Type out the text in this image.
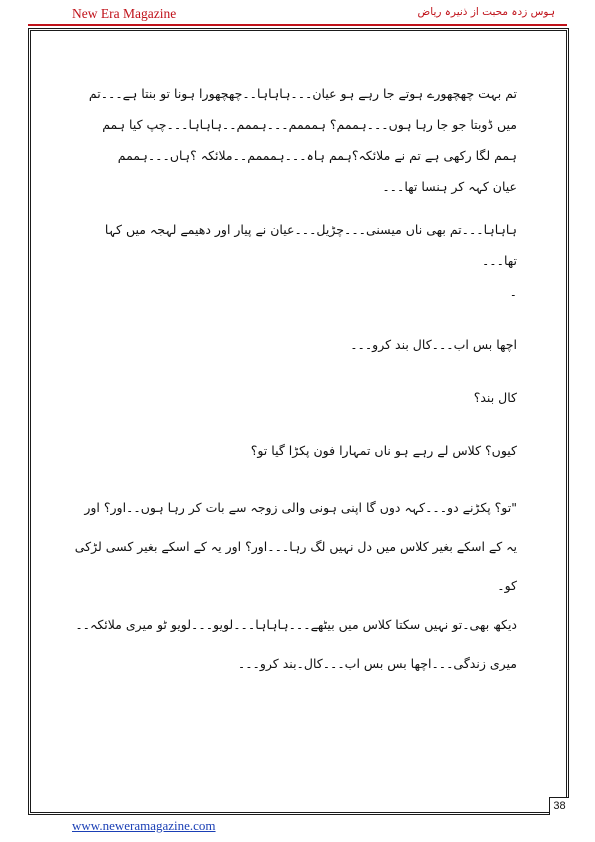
New Era Magazine	ہوس زدہ محبت از ذنیرہ ریاض

تم بہت چھچھورے ہوتے جا رہے ہو عیان۔۔۔ہاہاہا۔۔چھچھورا ہونا تو بنتا ہے۔۔۔تم

میں ڈوبتا جو جا رہا ہوں۔۔۔ہممم؟ ہمممم۔۔۔ہممم۔۔ہاہاہا۔۔۔چپ کیا ہمم

ہمم لگا رکھی ہے تم نے ملائکہ؟ہمم ہاہ۔۔۔ہمممم۔۔ملائکہ ؟ہاں۔۔۔ہممم

عیان کہہ کر ہنسا تھا۔۔۔

ہاہاہا۔۔۔تم بھی ناں میسنی۔۔۔چڑیل۔۔۔عیان نے پیار اور دھیمے لہجہ میں کہا تھا۔۔۔

۔

اچھا بس اب۔۔۔کال بند کرو۔۔۔

کال بند؟

کیوں؟ کلاس لے رہے ہو ناں تمہارا فون پکڑا گیا تو؟

"تو؟ پکڑنے دو۔۔۔کہہ دوں گا اپنی ہونی والی زوجہ سے بات کر رہا ہوں۔۔اور؟ اور

یہ کے اسکے بغیر کلاس میں دل نہیں لگ رہا۔۔۔اور؟ اور یہ کے اسکے بغیر کسی لڑکی کو۔

دیکھ بھی۔تو نہیں سکتا کلاس میں بیٹھے۔۔۔ہاہاہا۔۔۔لویو۔۔۔لویو ٹو میری ملائکہ۔۔

میری زندگی۔۔۔اچھا بس بس اب۔۔۔کال۔بند کرو۔۔۔

38
www.neweramagazine.com
